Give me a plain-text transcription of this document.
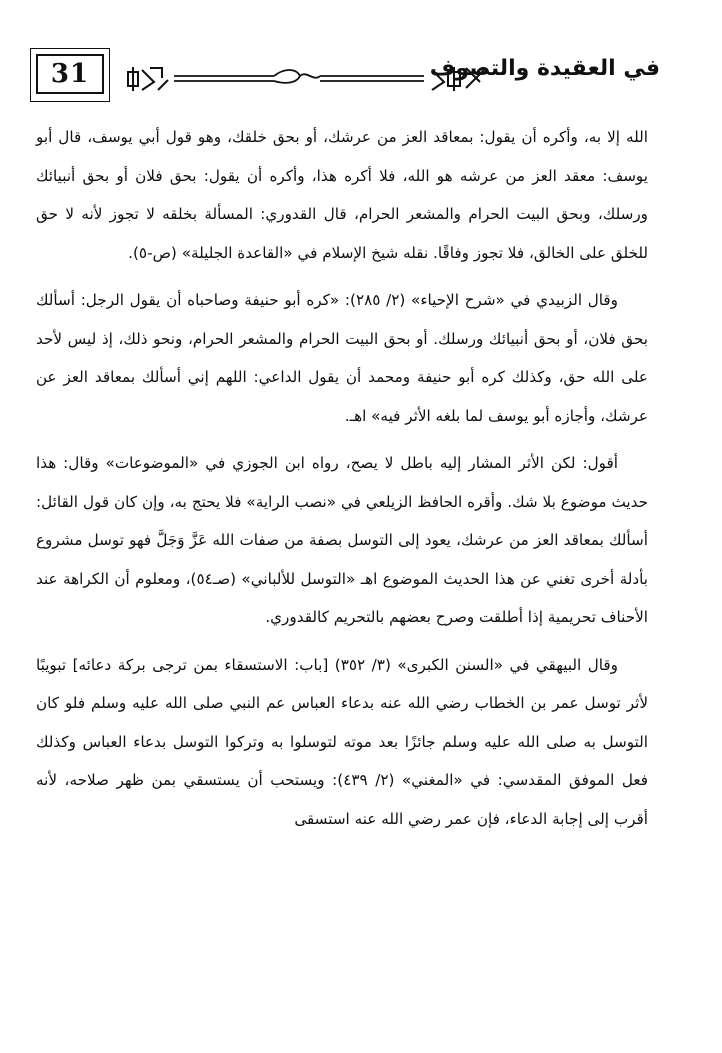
31	في العقيدة والتصوف

الله إلا به، وأكره أن يقول: بمعاقد العز من عرشك، أو بحق خلقك، وهو قول أبي يوسف، قال أبو يوسف: معقد العز من عرشه هو الله، فلا أكره هذا، وأكره أن يقول: بحق فلان أو بحق أنبيائك ورسلك، وبحق البيت الحرام والمشعر الحرام، قال القدوري: المسألة بخلقه لا تجوز لأنه لا حق للخلق على الخالق، فلا تجوز وفاقًا. نقله شيخ الإسلام في «القاعدة الجليلة» (ص-٥).

وقال الزبيدي في «شرح الإحياء» (٢/ ٢٨٥): «كره أبو حنيفة وصاحباه أن يقول الرجل: أسألك بحق فلان، أو بحق أنبيائك ورسلك. أو بحق البيت الحرام والمشعر الحرام، ونحو ذلك، إذ ليس لأحد على الله حق، وكذلك كره أبو حنيفة ومحمد أن يقول الداعي: اللهم إني أسألك بمعاقد العز عن عرشك، وأجازه أبو يوسف لما بلغه الأثر فيه» اهـ.

أقول: لكن الأثر المشار إليه باطل لا يصح، رواه ابن الجوزي في «الموضوعات» وقال: هذا حديث موضوع بلا شك. وأقره الحافظ الزيلعي في «نصب الراية» فلا يحتج به، وإن كان قول القائل: أسألك بمعاقد العز من عرشك، يعود إلى التوسل بصفة من صفات الله عَزَّ وَجَلَّ فهو توسل مشروع بأدلة أخرى تغني عن هذا الحديث الموضوع اهـ «التوسل للألباني» (صـ٥٤)، ومعلوم أن الكراهة عند الأحناف تحريمية إذا أطلقت وصرح بعضهم بالتحريم كالقدوري.

وقال البيهقي في «السنن الكبرى» (٣/ ٣٥٢) [باب: الاستسقاء بمن ترجى بركة دعائه] تبويبًا لأثر توسل عمر بن الخطاب رضي الله عنه بدعاء العباس عم النبي صلى الله عليه وسلم فلو كان التوسل به صلى الله عليه وسلم جائزًا بعد موته لتوسلوا به وتركوا التوسل بدعاء العباس وكذلك فعل الموفق المقدسي: في «المغني» (٢/ ٤٣٩): ويستحب أن يستسقي بمن ظهر صلاحه، لأنه أقرب إلى إجابة الدعاء، فإن عمر رضي الله عنه استسقى
